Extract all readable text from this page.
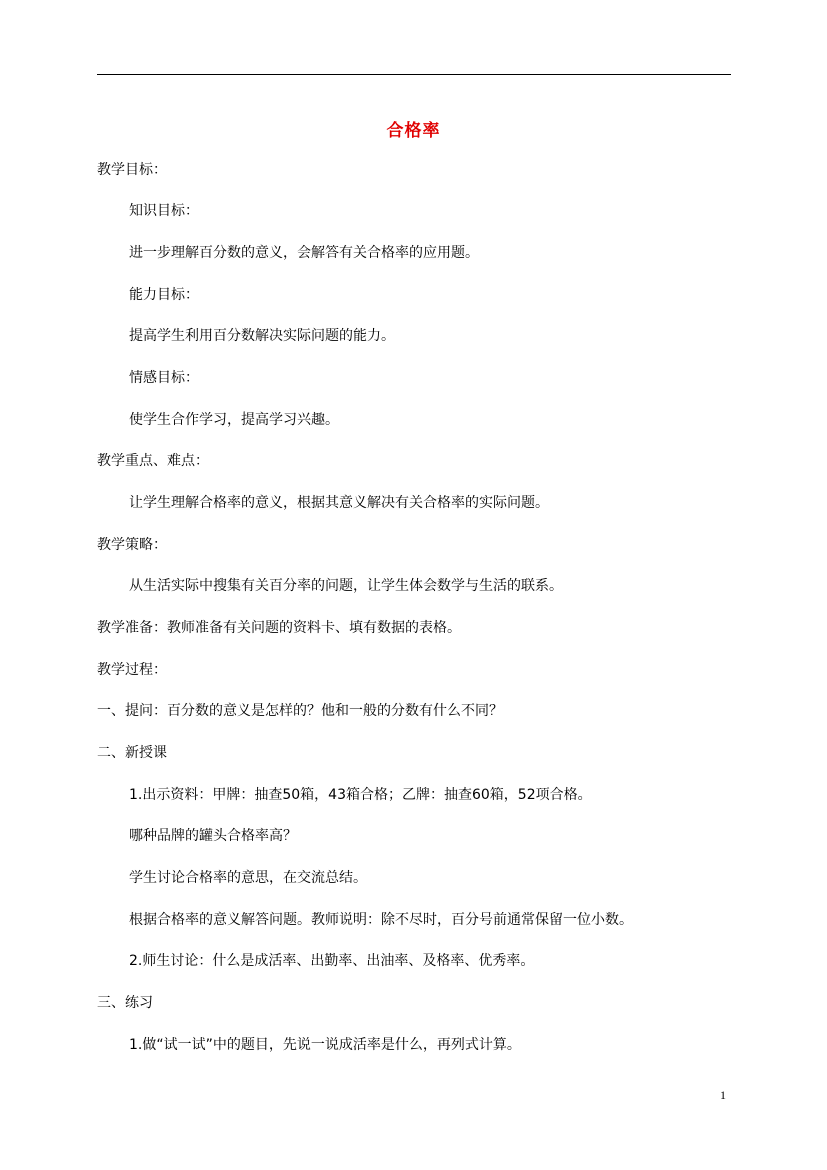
合格率
教学目标：
知识目标：
进一步理解百分数的意义，会解答有关合格率的应用题。
能力目标：
提高学生利用百分数解决实际问题的能力。
情感目标：
使学生合作学习，提高学习兴趣。
教学重点、难点：
让学生理解合格率的意义，根据其意义解决有关合格率的实际问题。
教学策略：
从生活实际中搜集有关百分率的问题，让学生体会数学与生活的联系。
教学准备：教师准备有关问题的资料卡、填有数据的表格。
教学过程：
一、提问：百分数的意义是怎样的？他和一般的分数有什么不同？
二、新授课
1.出示资料：甲牌：抽查50箱，43箱合格；乙牌：抽查60箱，52项合格。
哪种品牌的罐头合格率高？
学生讨论合格率的意思，在交流总结。
根据合格率的意义解答问题。教师说明：除不尽时，百分号前通常保留一位小数。
2.师生讨论：什么是成活率、出勤率、出油率、及格率、优秀率。
三、练习
1.做“试一试”中的题目，先说一说成活率是什么，再列式计算。
1
